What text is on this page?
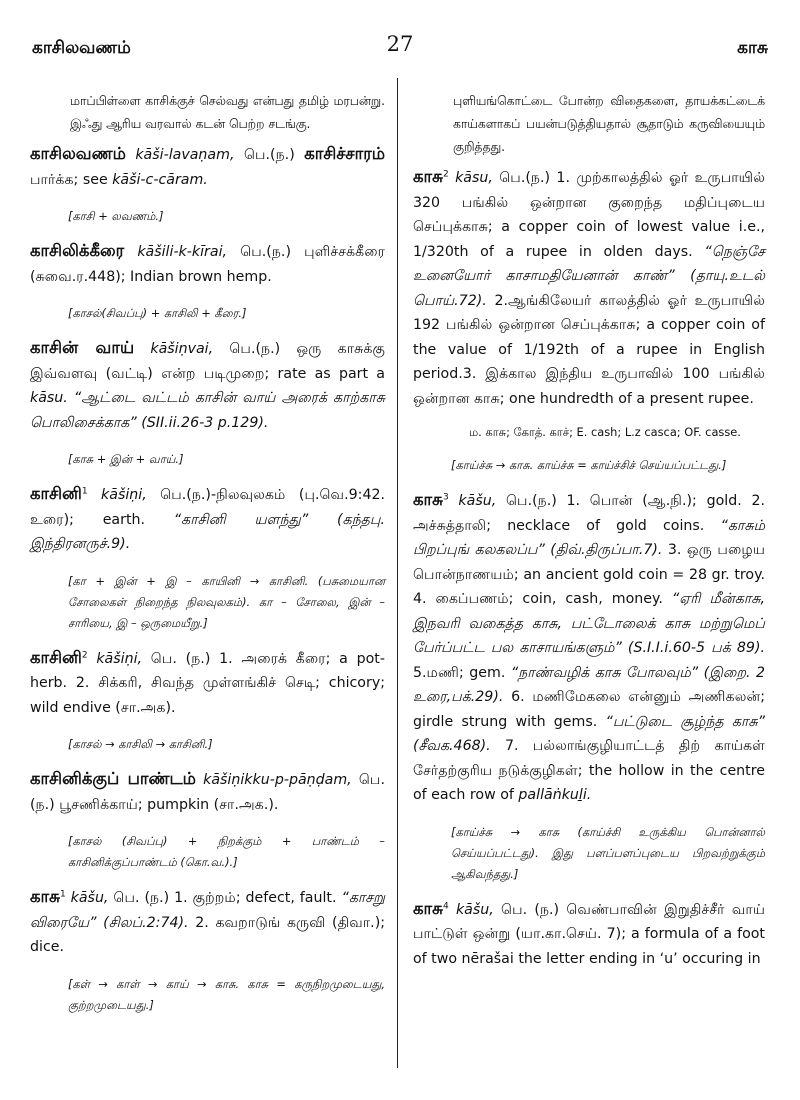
காசிலவணம்	27	காசு

மாப்பிள்ளை காசிக்குச் செல்வது என்பது தமிழ் மரபன்று. இஃது ஆரிய வரவால் கடன் பெற்ற சடங்கு.

காசிலவணம் kāši-lavaṇam, பெ.(ந.) காசிச்சாரம் பார்க்க; see kāši-c-cāram.

[காசி + லவணம்.]

காசிலிக்கீரை kāšili-k-kīrai, பெ.(ந.) புளிச்சக்கீரை (சுவை.ர.448); Indian brown hemp.

[காசல்(சிவப்பு) + காசிலி + கீரை.]

காசின் வாய் kāšiṇvai, பெ.(ந.) ஒரு காசுக்கு இவ்வளவு (வட்டி) என்ற படிமுறை; rate as part a kāsu. “ஆட்டை வட்டம் காசின் வாய் அரைக் காற்காசு பொலிசைக்காக” (SII.ii.26-3 p.129).

[காசு + இன் + வாய்.]

காசினி$^1$ kāšiṇi, பெ.(ந.)-நிலவுலகம் (பு.வெ.9:42. உரை); earth. “காசினி யளந்து” (கந்தபு. இந்திரனருச்.9).

[கா + இன் + இ – காயினி → காசினி. (பசுமையான சோலைகள் நிறைந்த நிலவுலகம்). கா – சோலை, இன் – சாரியை, இ – ஒருமையீறு.]

காசினி$^2$ kāšiṇi, பெ. (ந.) 1. அரைக் கீரை; a pot-herb. 2. சிக்கரி, சிவந்த முள்ளங்கிச் செடி; chicory; wild endive (சா.அக).

[காசல் → காசிலி → காசினி.]

காசினிக்குப் பாண்டம் kāšiṇikku-p-pāṇḍam, பெ.(ந.) பூசணிக்காய்; pumpkin (சா.அக.).

[காசல் (சிவப்பு) + நிறக்கும் + பாண்டம் – காசினிக்குப்பாண்டம் (கொ.வ.).]

காசு$^1$ kāšu, பெ. (ந.) 1. குற்றம்; defect, fault. “காசறு விரையே” (சிலப்.2:74). 2. கவறாடுங் கருவி (திவா.); dice.

[கள் → காள் → காய் → காசு. காசு = கருநிறமுடையது, குற்றமுடையது.]

புளியங்கொட்டை போன்ற விதைகளை, தாயக்கட்டைக் காய்களாகப் பயன்படுத்தியதால் சூதாடும் கருவியையும் குறித்தது.

காசு$^2$ kāsu, பெ.(ந.) 1. முற்காலத்தில் ஓர் உருபாயில் 320 பங்கில் ஒன்றான குறைந்த மதிப்புடைய செப்புக்காசு; a copper coin of lowest value i.e., 1/320th of a rupee in olden days. “நெஞ்சே உனையோர் காசாமதியேனான் காண்” (தாயு.உடல் பொய்.72). 2.ஆங்கிலேயர் காலத்தில் ஓர் உருபாயில் 192 பங்கில் ஒன்றான செப்புக்காசு; a copper coin of the value of 1/192th of a rupee in English period.3. இக்கால இந்திய உருபாவில் 100 பங்கில் ஒன்றான காசு; one hundredth of a present rupee.

ம. காசு; கோத். காச்; E. cash; L.z casca; OF. casse.

[காய்ச்சு → காசு. காய்ச்சு = காய்ச்சிச் செய்யப்பட்டது.]

காசு$^3$ kāšu, பெ.(ந.) 1. பொன் (ஆ.நி.); gold. 2. அச்சுத்தாலி; necklace of gold coins. “காசும் பிறப்புங் கலகலப்ப” (திவ்.திருப்பா.7). 3. ஒரு பழைய பொன்நாணயம்; an ancient gold coin = 28 gr. troy. 4. கைப்பணம்; coin, cash, money. “ஏரி மீன்காசு, இநவரி வகைத்த காசு, பட்டோலைக் காசு மற்றுமெப் பேர்ப்பட்ட பல காசாயங்களும்” (S.I.I.i.60-5 பக் 89). 5.மணி; gem. “நாண்வழிக் காசு போலவும்” (இறை. 2 உரை,பக்.29). 6. மணிமேகலை என்னும் அணிகலன்; girdle strung with gems. “பட்டுடை சூழ்ந்த காசு” (சீவக.468). 7. பல்லாங்குழியாட்டத் திற் காய்கள் சேர்தற்குரிய நடுக்குழிகள்; the hollow in the centre of each row of pallāṅkuḻi.

[காய்ச்சு → காசு (காய்ச்சி உருக்கிய பொன்னால் செய்யப்பட்டது). இது பளப்பளப்புடைய பிறவற்றுக்கும் ஆகிவந்தது.]

காசு$^4$ kāšu, பெ. (ந.) வெண்பாவின் இறுதிச்சீர் வாய் பாட்டுள் ஒன்று (யா.கா.செய். 7); a formula of a foot of two nērašai the letter ending in ‘u’ occuring in
